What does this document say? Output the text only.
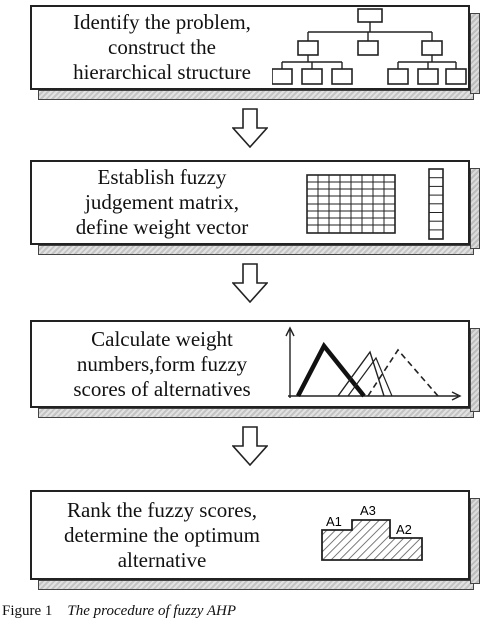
Identify the problem,
construct the
hierarchical structure
Establish fuzzy
judgement matrix,
define weight vector
Calculate weight
numbers,form fuzzy
scores of alternatives
Rank the fuzzy scores,
determine the optimum
alternative
A1
A3
A2
Figure 1 The procedure of fuzzy AHP
